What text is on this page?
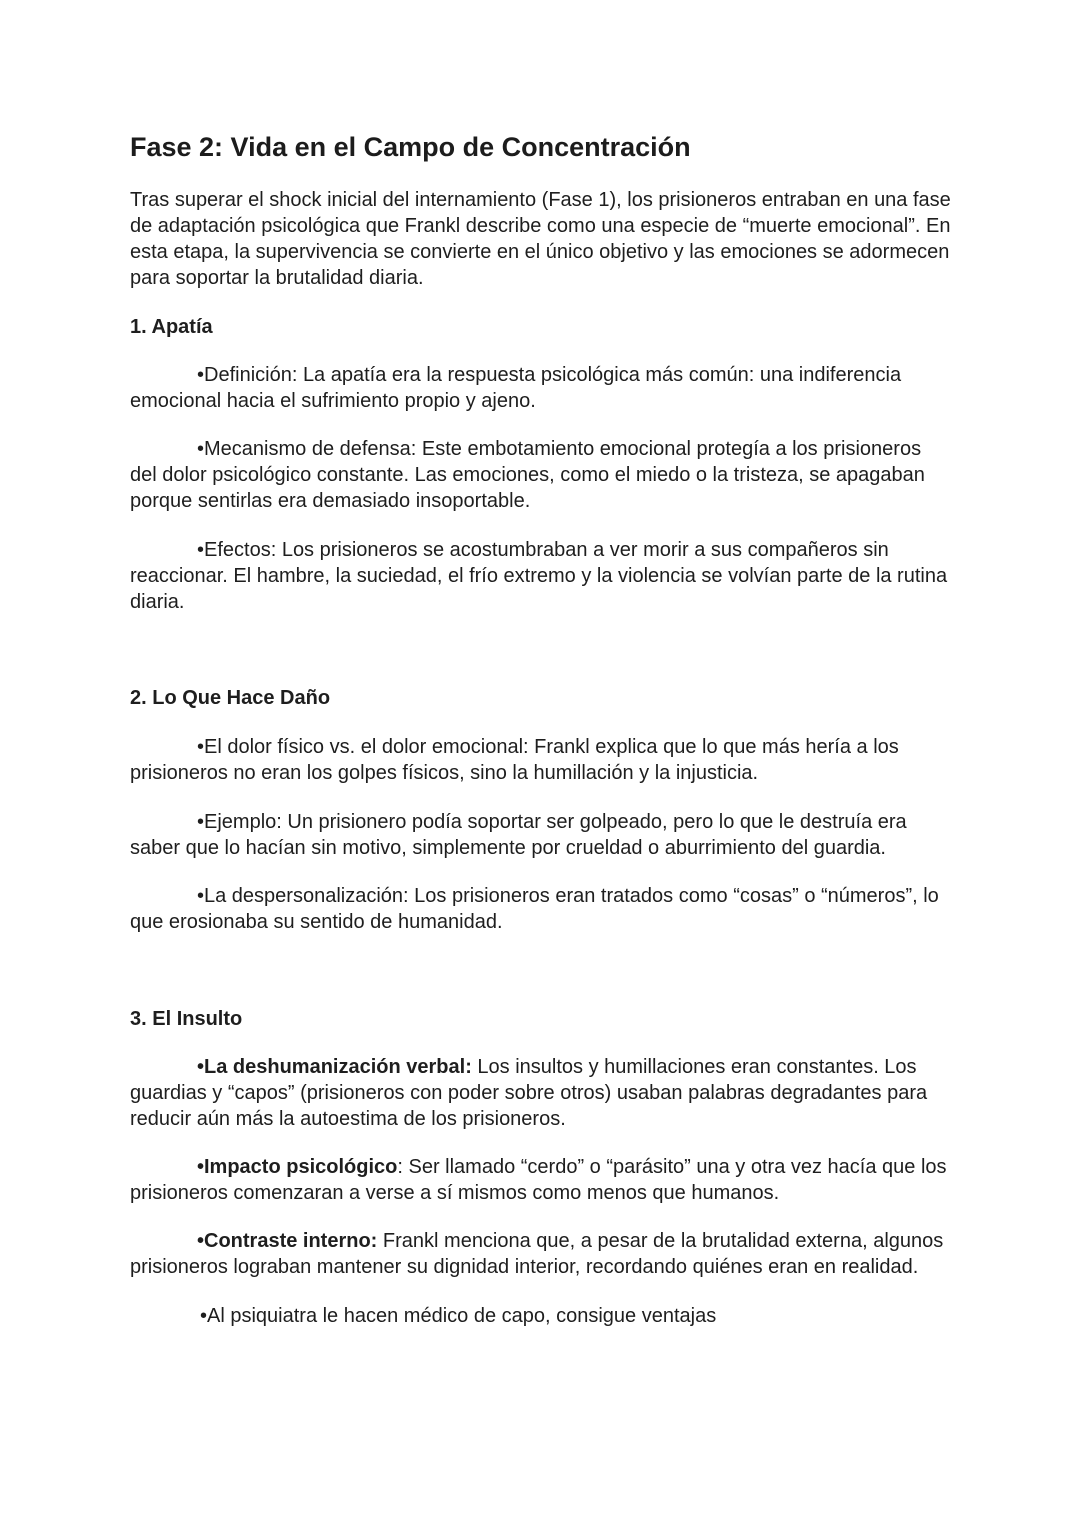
Fase 2: Vida en el Campo de Concentración
Tras superar el shock inicial del internamiento (Fase 1), los prisioneros entraban en una fase
de adaptación psicológica que Frankl describe como una especie de “muerte emocional”. En
esta etapa, la supervivencia se convierte en el único objetivo y las emociones se adormecen
para soportar la brutalidad diaria.
1. Apatía
•Definición: La apatía era la respuesta psicológica más común: una indiferencia
emocional hacia el sufrimiento propio y ajeno.
•Mecanismo de defensa: Este embotamiento emocional protegía a los prisioneros
del dolor psicológico constante. Las emociones, como el miedo o la tristeza, se apagaban
porque sentirlas era demasiado insoportable.
•Efectos: Los prisioneros se acostumbraban a ver morir a sus compañeros sin
reaccionar. El hambre, la suciedad, el frío extremo y la violencia se volvían parte de la rutina
diaria.
2. Lo Que Hace Daño
•El dolor físico vs. el dolor emocional: Frankl explica que lo que más hería a los
prisioneros no eran los golpes físicos, sino la humillación y la injusticia.
•Ejemplo: Un prisionero podía soportar ser golpeado, pero lo que le destruía era
saber que lo hacían sin motivo, simplemente por crueldad o aburrimiento del guardia.
•La despersonalización: Los prisioneros eran tratados como “cosas” o “números”, lo
que erosionaba su sentido de humanidad.
3. El Insulto
•La deshumanización verbal: Los insultos y humillaciones eran constantes. Los
guardias y “capos” (prisioneros con poder sobre otros) usaban palabras degradantes para
reducir aún más la autoestima de los prisioneros.
•Impacto psicológico: Ser llamado “cerdo” o “parásito” una y otra vez hacía que los
prisioneros comenzaran a verse a sí mismos como menos que humanos.
•Contraste interno: Frankl menciona que, a pesar de la brutalidad externa, algunos
prisioneros lograban mantener su dignidad interior, recordando quiénes eran en realidad.
•Al psiquiatra le hacen médico de capo, consigue ventajas
